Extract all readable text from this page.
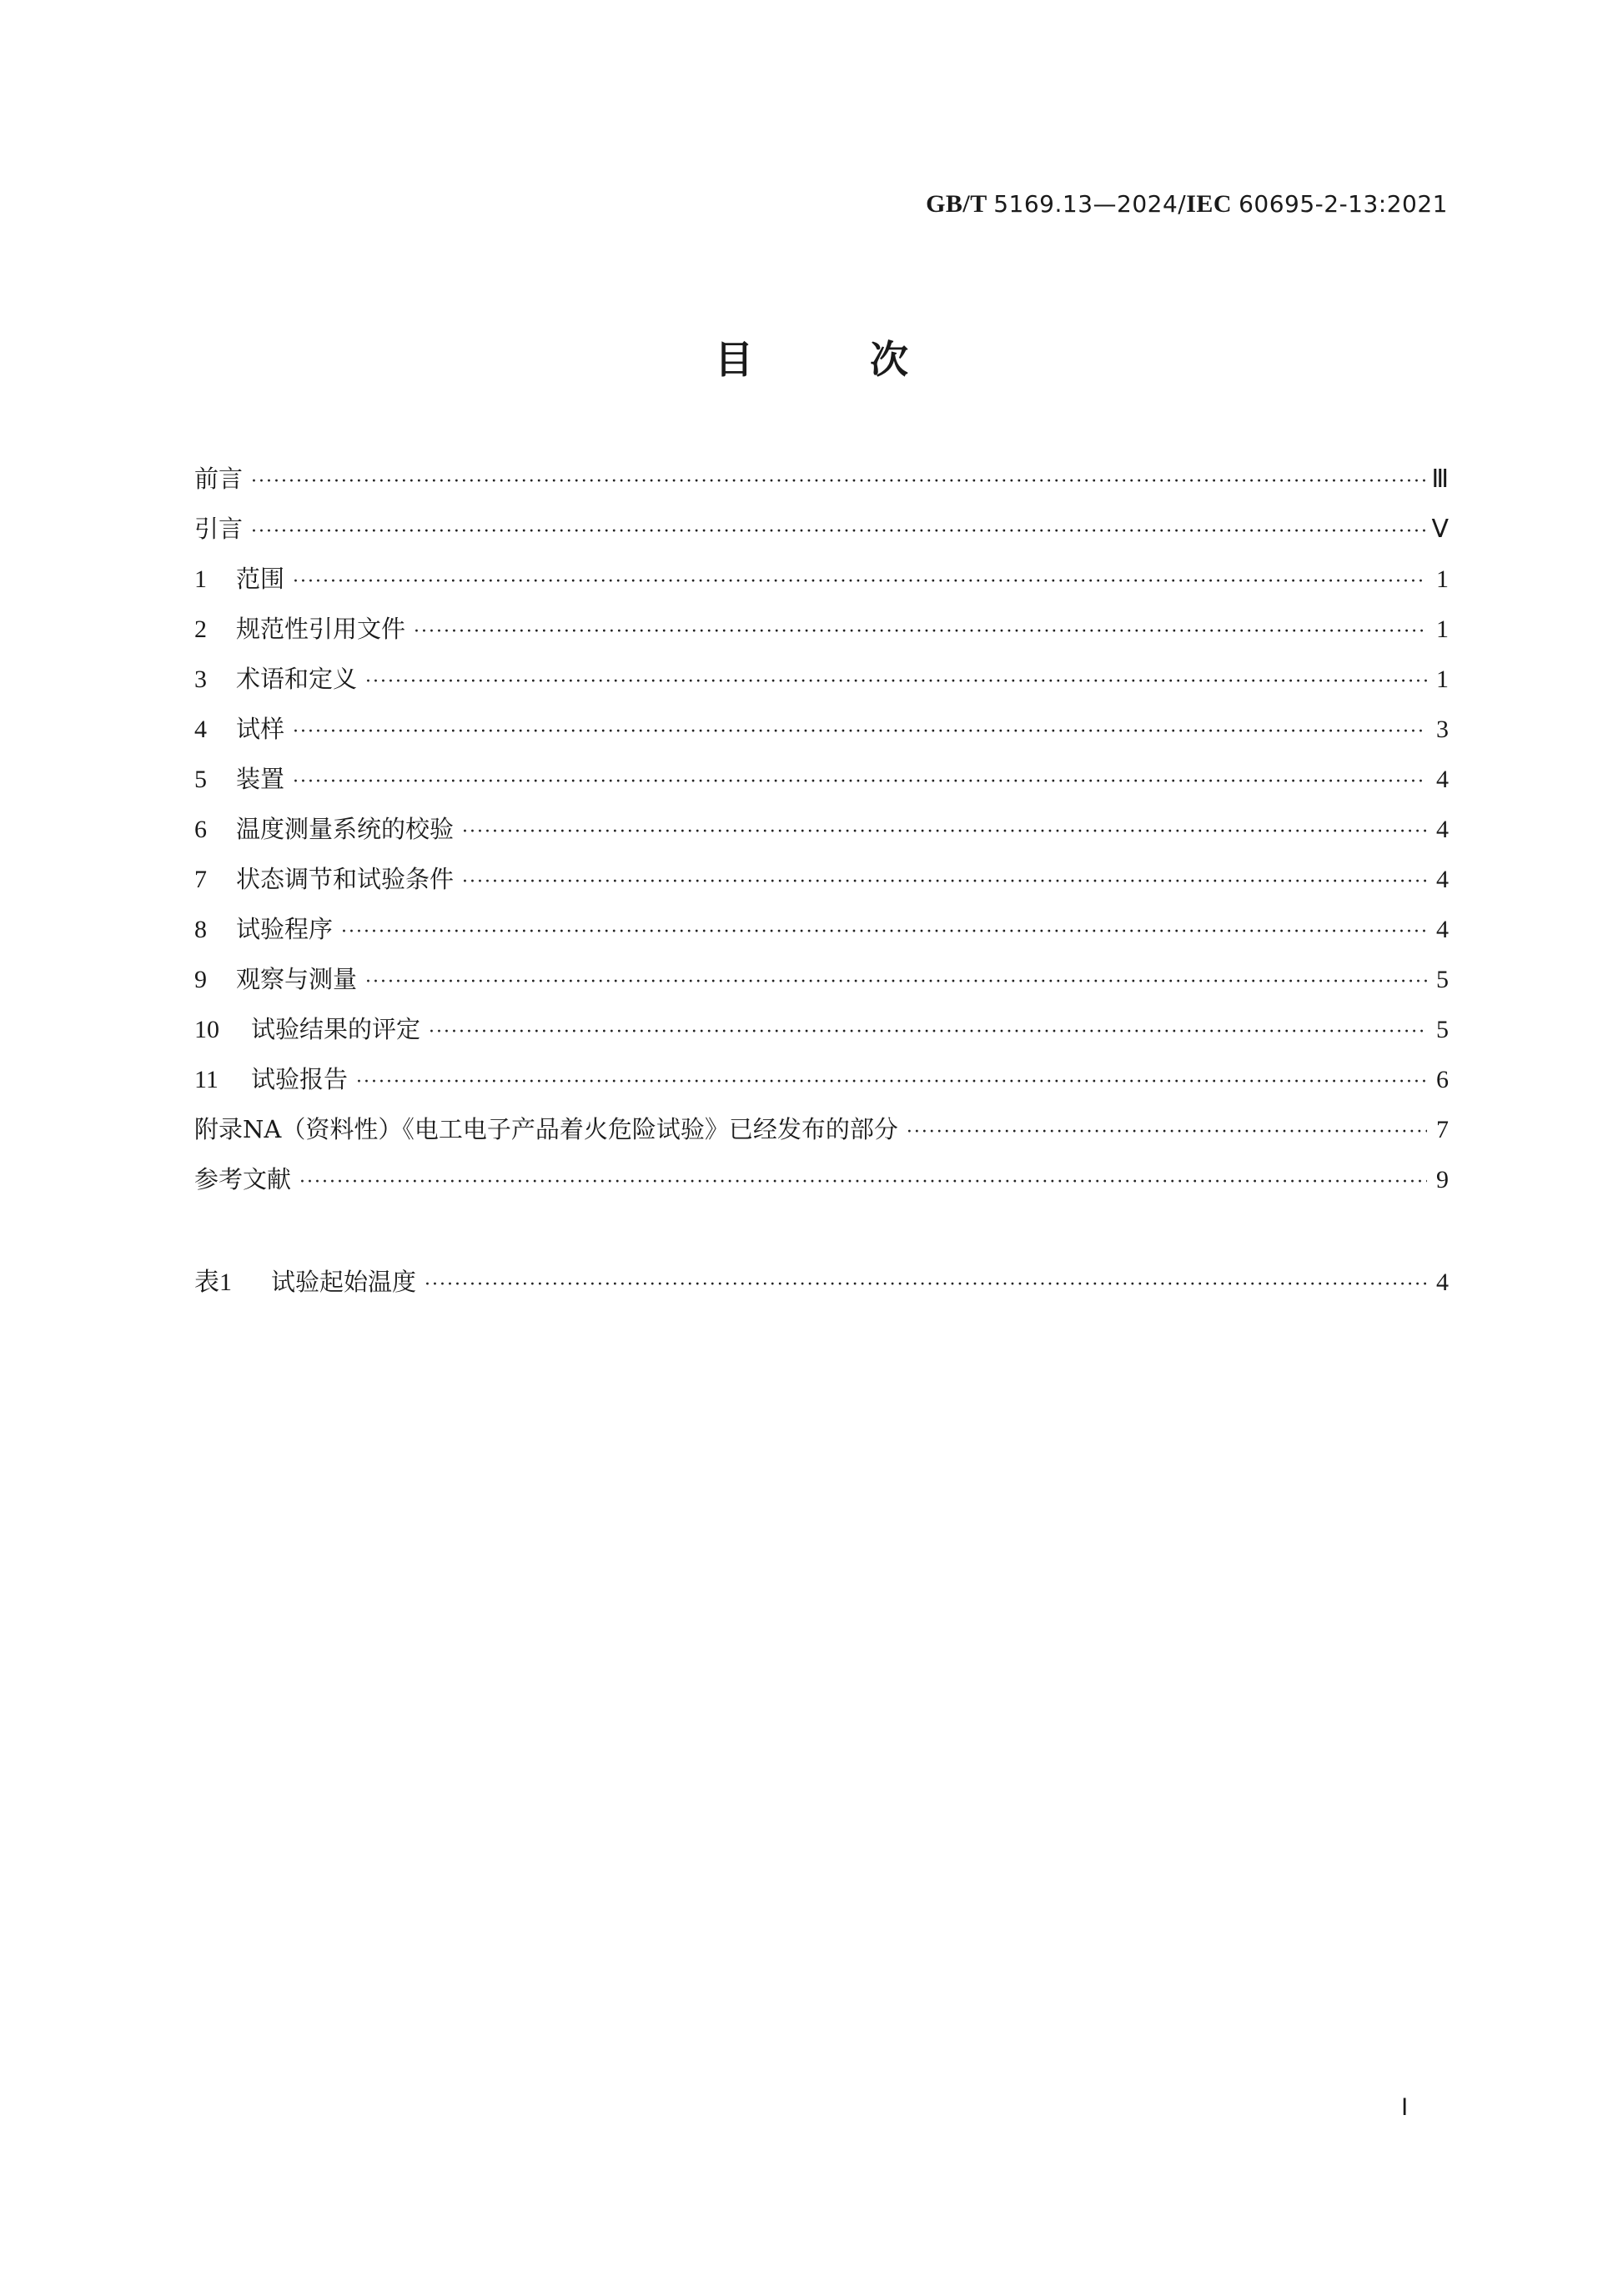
GB/T 5169.13—2024/IEC 60695-2-13:2021
目 次
前言 ·····	Ⅲ
引言 ·····	Ⅴ
1	范围 ·····	1
2	规范性引用文件 ·····	1
3	术语和定义 ·····	1
4	试样 ·····	3
5	装置 ·····	4
6	温度测量系统的校验 ·····	4
7	状态调节和试验条件 ·····	4
8	试验程序 ·····	4
9	观察与测量 ·····	5
10	试验结果的评定 ·····	5
11	试验报告 ·····	6
附录NA（资料性）《电工电子产品着火危险试验》已经发布的部分 ·····	7
参考文献 ·····	9
表1	试验起始温度 ·····	4
Ⅰ
